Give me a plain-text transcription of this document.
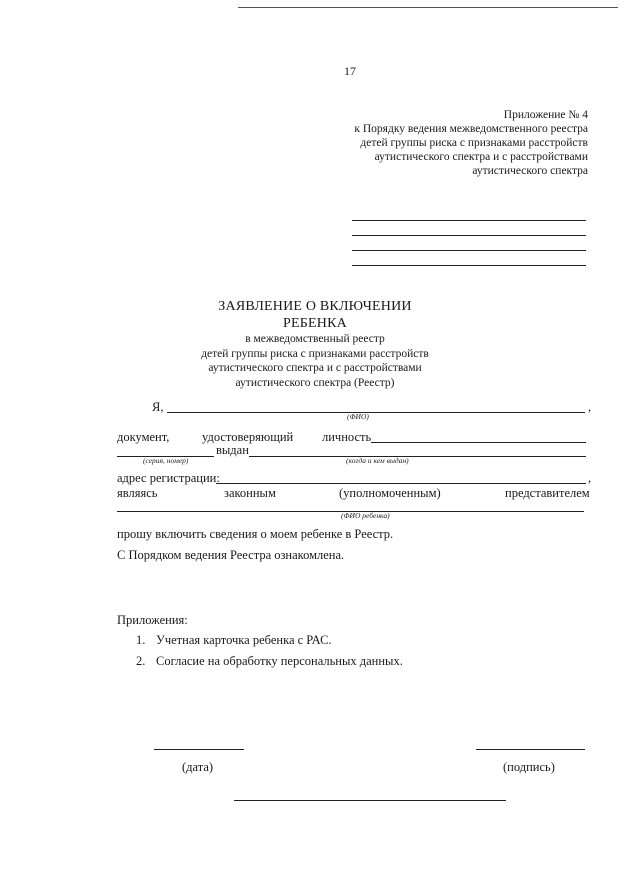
17
Приложение № 4
к Порядку ведения межведомственного реестра
детей группы риска с признаками расстройств
аутистического спектра и с расстройствами
аутистического спектра
ЗАЯВЛЕНИЕ О ВКЛЮЧЕНИИ РЕБЕНКА
в межведомственный реестр
детей группы риска с признаками расстройств
аутистического спектра и с расстройствами
аутистического спектра (Реестр)
Я,	,
(ФИО)
документ,	удостоверяющий личность
выдан
(серия, номер)	(когда и кем выдан)
адрес регистрации:	,
являясь	законным	(уполномоченным)	представителем
(ФИО ребенка)
прошу включить сведения о моем ребенке в Реестр.
С Порядком ведения Реестра ознакомлена.
Приложения:
1. Учетная карточка ребенка с РАС.
2. Согласие на обработку персональных данных.
(дата)	(подпись)
